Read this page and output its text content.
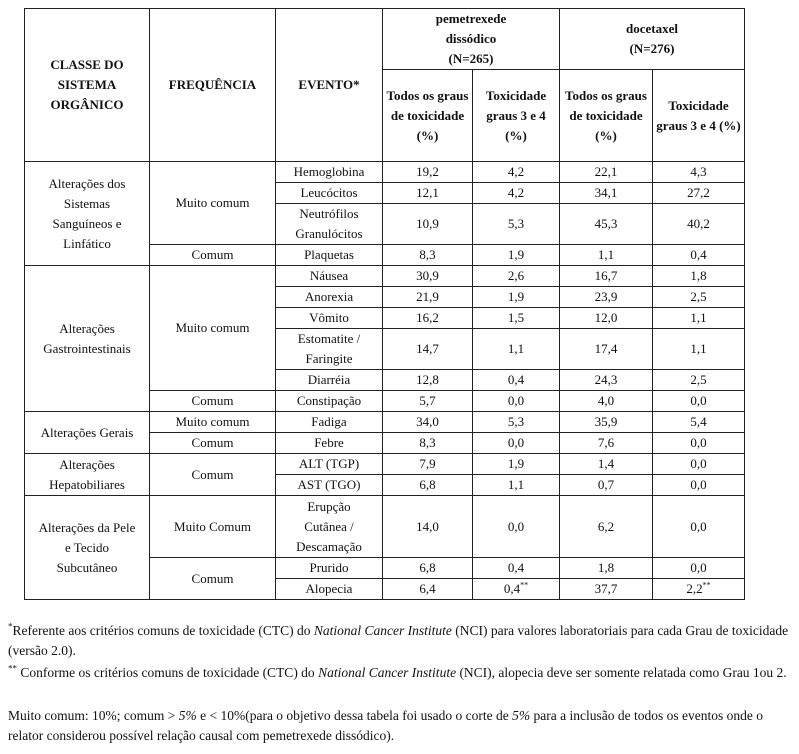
CLASSE DO SISTEMA ORGÂNICO	FREQUÊNCIA	EVENTO*	pemetrexede dissódico (N=265)		docetaxel (N=276)	
			Todos os graus de toxicidade (%)	Toxicidade graus 3 e 4 (%)	Todos os graus de toxicidade (%)	Toxicidade graus 3 e 4 (%)
Alterações dos Sistemas Sanguíneos e Linfático	Muito comum	Hemoglobina	19,2	4,2	22,1	4,3
		Leucócitos	12,1	4,2	34,1	27,2
		Neutrófilos Granulócitos	10,9	5,3	45,3	40,2
	Comum	Plaquetas	8,3	1,9	1,1	0,4
Alterações Gastrointestinais	Muito comum	Náusea	30,9	2,6	16,7	1,8
		Anorexia	21,9	1,9	23,9	2,5
		Vômito	16,2	1,5	12,0	1,1
		Estomatite / Faringite	14,7	1,1	17,4	1,1
		Diarréia	12,8	0,4	24,3	2,5
	Comum	Constipação	5,7	0,0	4,0	0,0
Alterações Gerais	Muito comum	Fadiga	34,0	5,3	35,9	5,4
	Comum	Febre	8,3	0,0	7,6	0,0
Alterações Hepatobiliares	Comum	ALT (TGP)	7,9	1,9	1,4	0,0
		AST (TGO)	6,8	1,1	0,7	0,0
Alterações da Pele e Tecido Subcutâneo	Muito Comum	Erupção Cutânea / Descamação	14,0	0,0	6,2	0,0
	Comum	Prurido	6,8	0,4	1,8	0,0
		Alopecia	6,4	0,4**	37,7	2,2**
*Referente aos critérios comuns de toxicidade (CTC) do National Cancer Institute (NCI) para valores laboratoriais para cada Grau de toxicidade (versão 2.0).
** Conforme os critérios comuns de toxicidade (CTC) do National Cancer Institute (NCI), alopecia deve ser somente relatada como Grau 1ou 2.
Muito comum: 10%; comum > 5% e < 10%(para o objetivo dessa tabela foi usado o corte de 5% para a inclusão de todos os eventos onde o relator considerou possível relação causal com pemetrexede dissódico).
